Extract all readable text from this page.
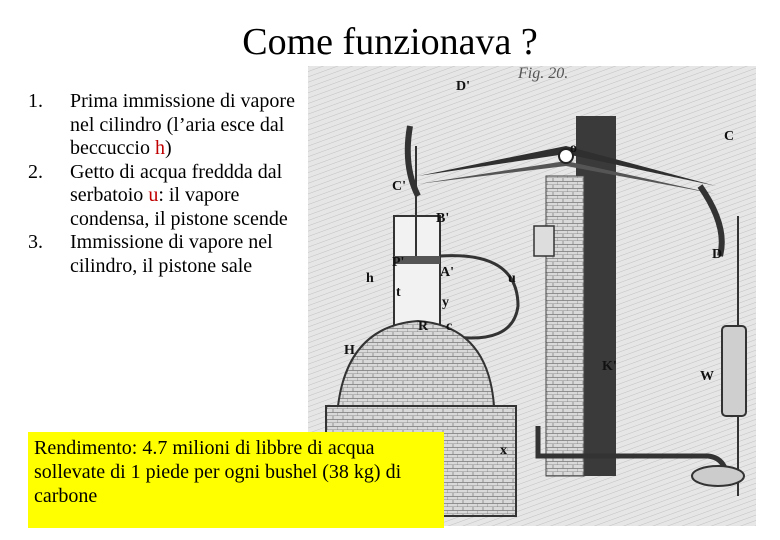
Come funzionava ?
D'
C
o
C'
B'
D
P'
A'	u
h
t
y
R c
H
K'
W
x
Fig. 20.
1. Prima immissione di vapore nel cilindro (l’aria esce dal beccuccio h)
2. Getto di acqua freddda dal serbatoio u: il vapore condensa, il pistone scende
3. Immissione di vapore nel cilindro, il pistone sale
Rendimento: 4.7 milioni di libbre di acqua sollevate di 1 piede per ogni bushel (38 kg) di carbone
